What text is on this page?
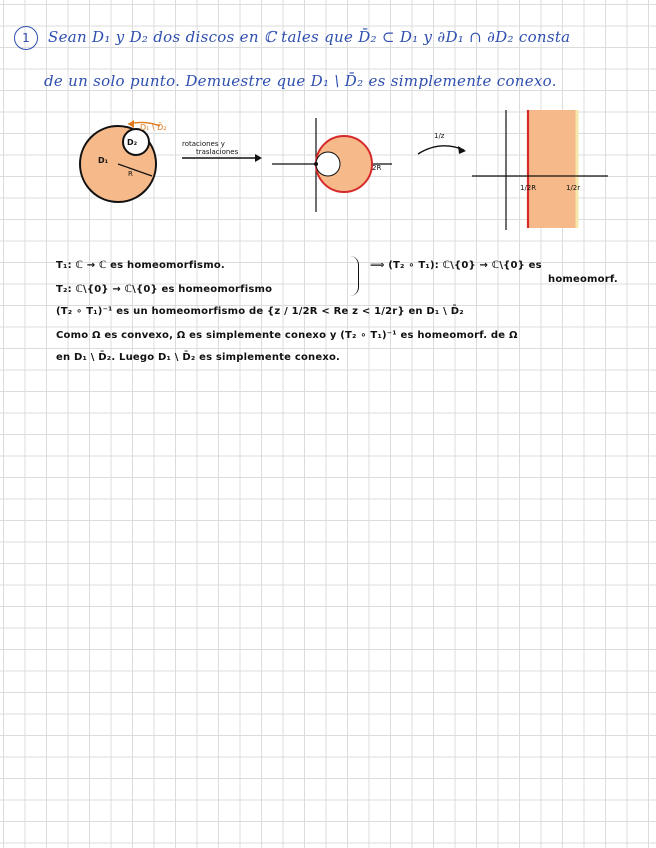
1	Sean D₁ y D₂ dos discos en ℂ tales que D̄₂ ⊂ D₁ y ∂D₁ ∩ ∂D₂ consta
de un solo punto. Demuestre que D₁ \ D̄₂ es simplemente conexo.
D₁ \ D̄₂
D₂
D₁
R
rotaciones y
traslaciones
2R
1/z
1/2R	1/2r
T₁: ℂ → ℂ es homeomorfismo.	⟹ (T₂ ∘ T₁): ℂ\{0} → ℂ\{0} es
homeomorf.
T₂: ℂ\{0} → ℂ\{0} es homeomorfismo
(T₂ ∘ T₁)⁻¹ es un homeomorfismo de {z / 1/2R < Re z < 1/2r} en D₁ \ D̄₂
Como Ω es convexo, Ω es simplemente conexo y (T₂ ∘ T₁)⁻¹ es homeomorf. de Ω
en D₁ \ D̄₂. Luego D₁ \ D̄₂ es simplemente conexo.
